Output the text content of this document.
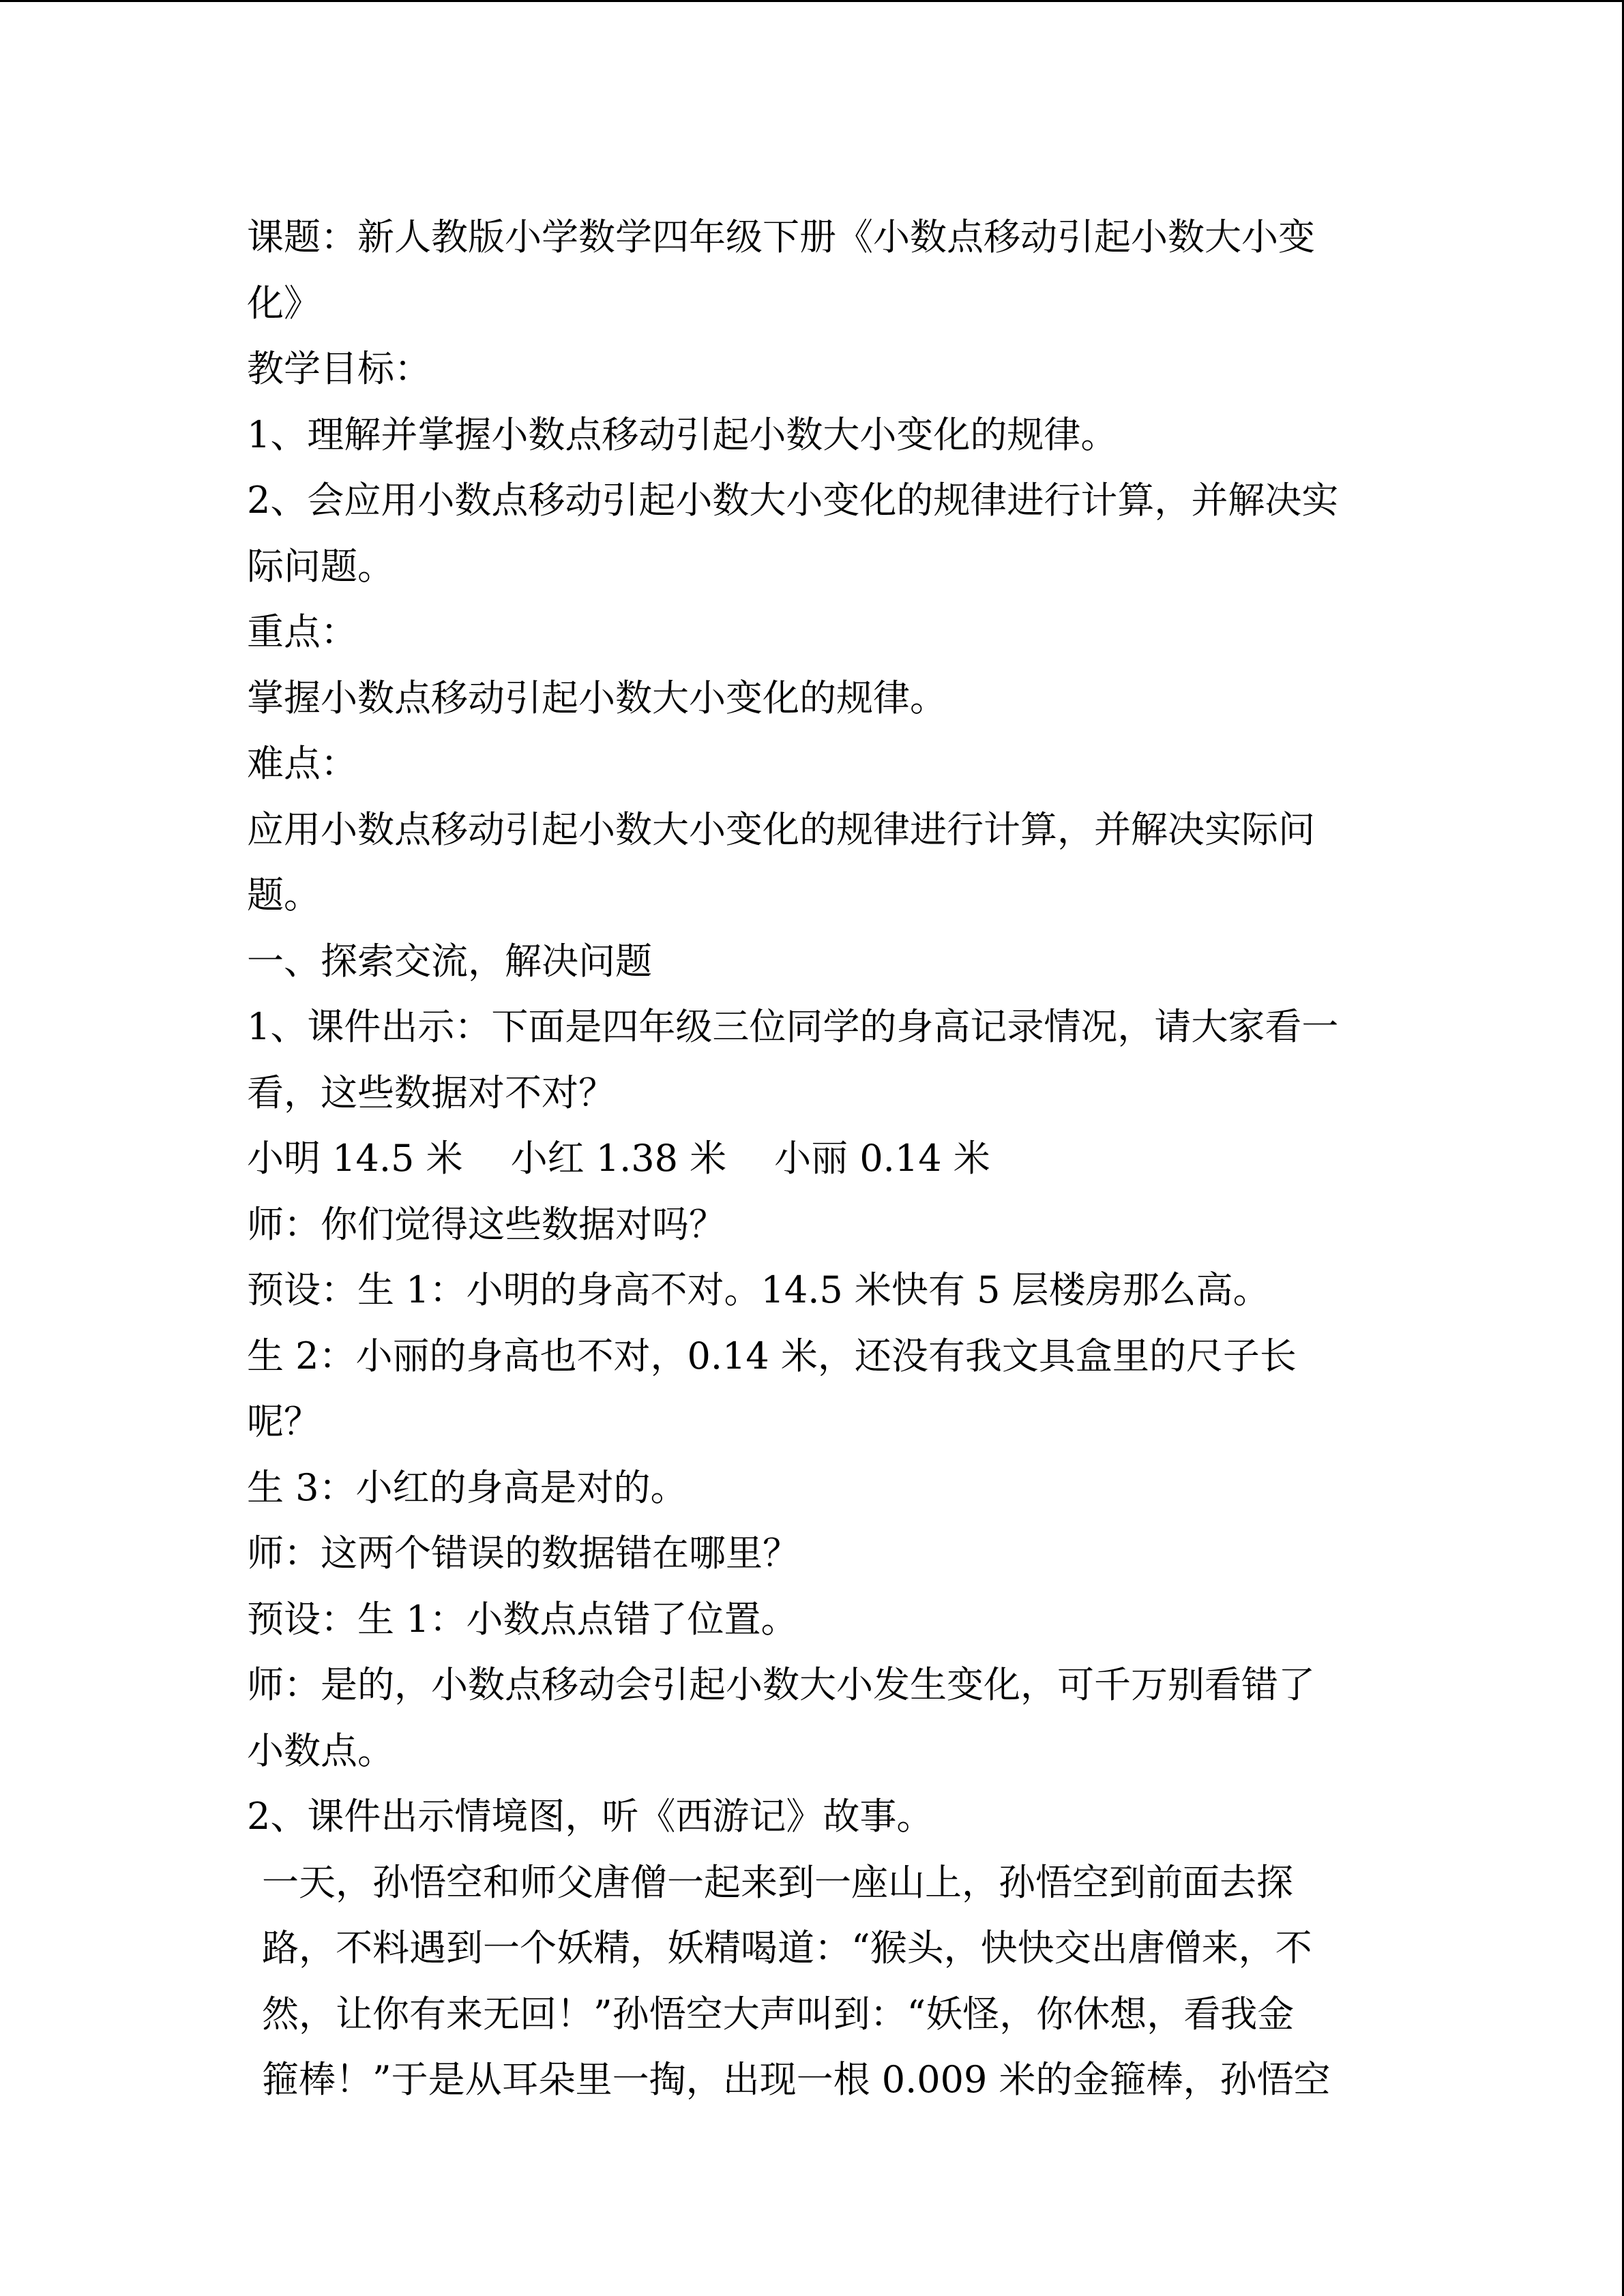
课题：新人教版小学数学四年级下册《小数点移动引起小数大小变
化》
教学目标：
1、理解并掌握小数点移动引起小数大小变化的规律。
2、会应用小数点移动引起小数大小变化的规律进行计算，并解决实
际问题。
重点：
掌握小数点移动引起小数大小变化的规律。
难点：
应用小数点移动引起小数大小变化的规律进行计算，并解决实际问
题。
一、探索交流，解决问题
1、课件出示：下面是四年级三位同学的身高记录情况，请大家看一
看，这些数据对不对？
小明 14.5 米 小红 1.38 米 小丽 0.14 米
师：你们觉得这些数据对吗？
预设：生 1：小明的身高不对。14.5 米快有 5 层楼房那么高。
生 2：小丽的身高也不对，0.14 米，还没有我文具盒里的尺子长
呢？
生 3：小红的身高是对的。
师：这两个错误的数据错在哪里？
预设：生 1：小数点点错了位置。
师：是的，小数点移动会引起小数大小发生变化，可千万别看错了
小数点。
2、课件出示情境图，听《西游记》故事。
一天，孙悟空和师父唐僧一起来到一座山上，孙悟空到前面去探
路，不料遇到一个妖精，妖精喝道：“猴头，快快交出唐僧来，不
然，让你有来无回！”孙悟空大声叫到：“妖怪，你休想，看我金
箍棒！”于是从耳朵里一掏，出现一根 0.009 米的金箍棒，孙悟空
